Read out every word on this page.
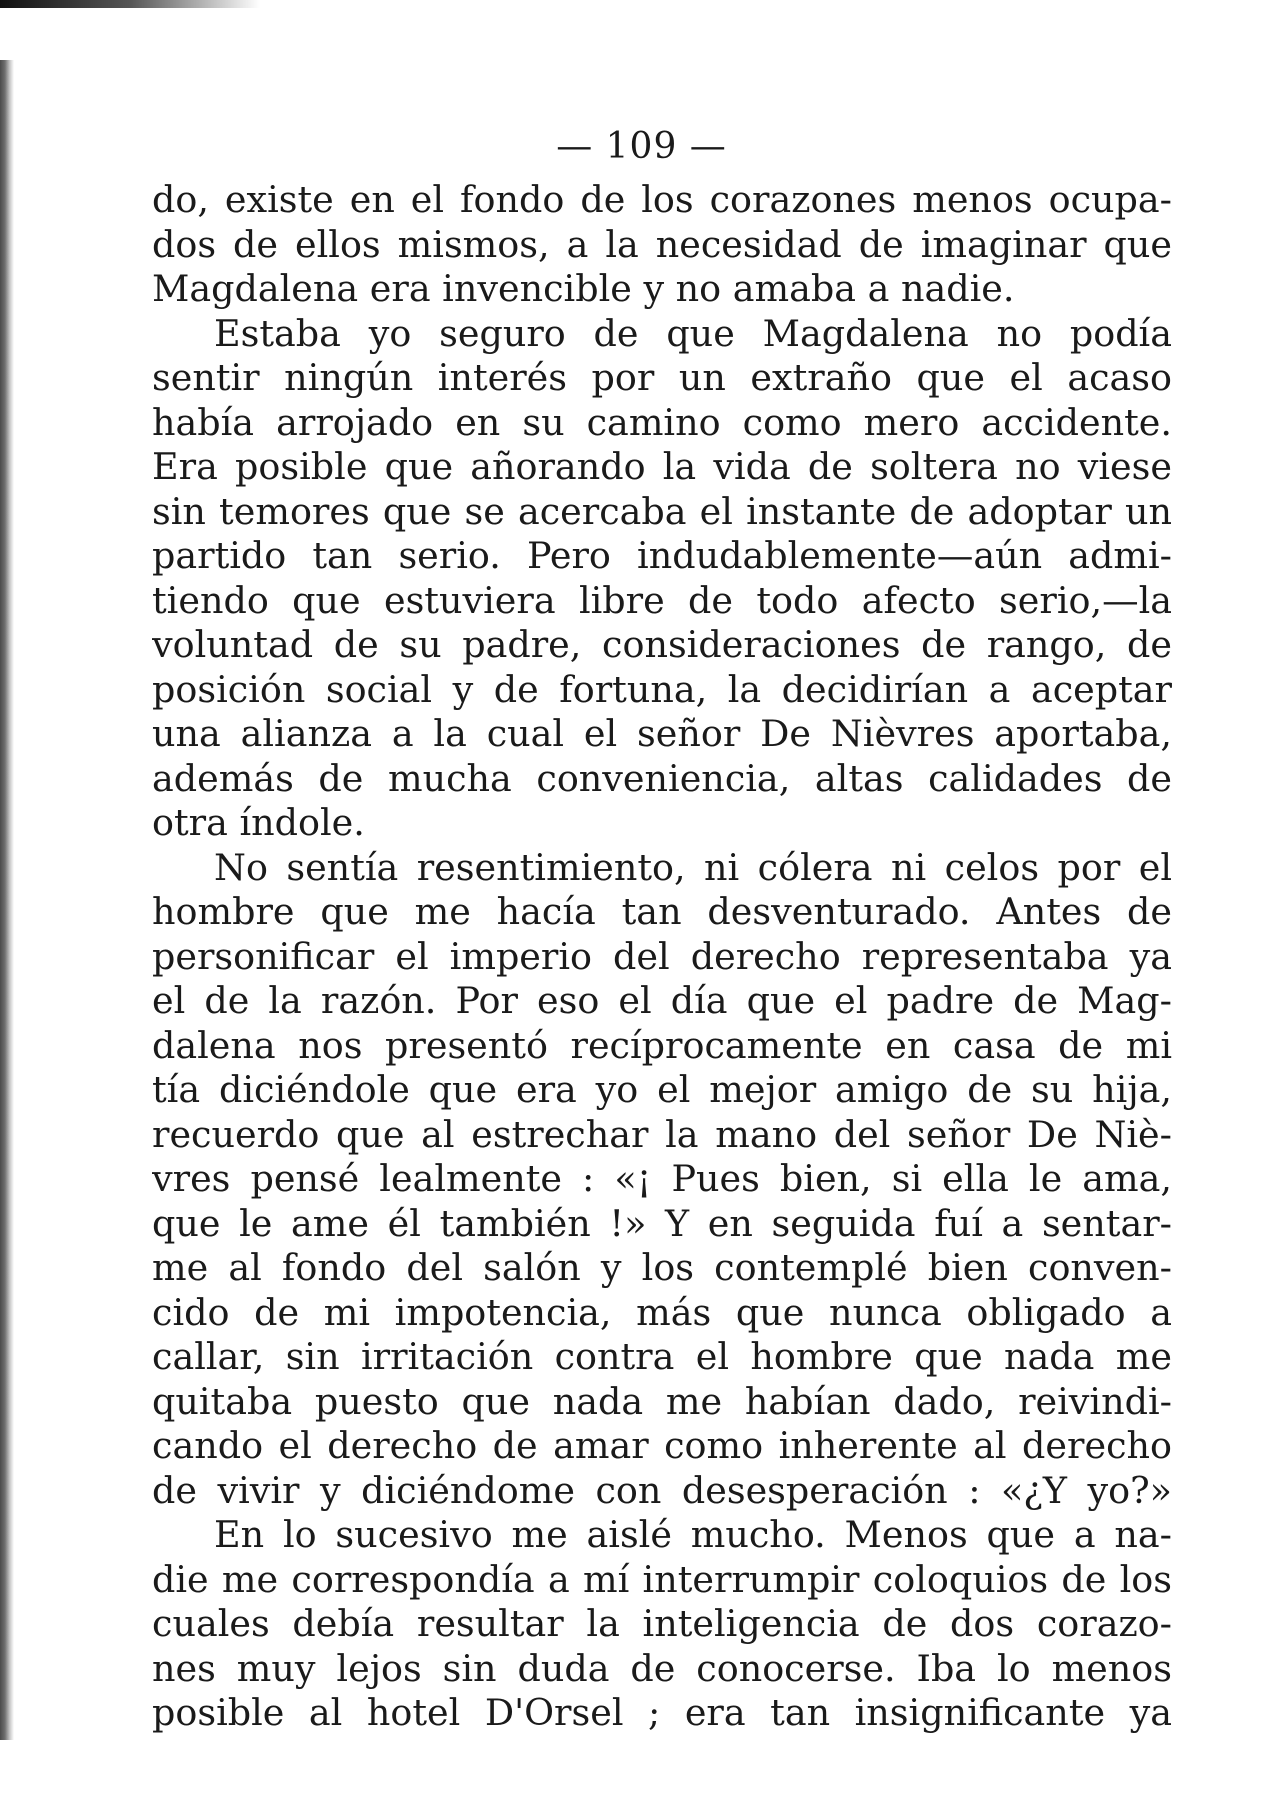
— 109 —
do, existe en el fondo de los corazones menos ocupa-
dos de ellos mismos, a la necesidad de imaginar que
Magdalena era invencible y no amaba a nadie.
Estaba yo seguro de que Magdalena no podía
sentir ningún interés por un extraño que el acaso
había arrojado en su camino como mero accidente.
Era posible que añorando la vida de soltera no viese
sin temores que se acercaba el instante de adoptar un
partido tan serio. Pero indudablemente—aún admi-
tiendo que estuviera libre de todo afecto serio,—la
voluntad de su padre, consideraciones de rango, de
posición social y de fortuna, la decidirían a aceptar
una alianza a la cual el señor De Nièvres aportaba,
además de mucha conveniencia, altas calidades de
otra índole.
No sentía resentimiento, ni cólera ni celos por el
hombre que me hacía tan desventurado. Antes de
personificar el imperio del derecho representaba ya
el de la razón. Por eso el día que el padre de Mag-
dalena nos presentó recíprocamente en casa de mi
tía diciéndole que era yo el mejor amigo de su hija,
recuerdo que al estrechar la mano del señor De Niè-
vres pensé lealmente : «¡ Pues bien, si ella le ama,
que le ame él también !» Y en seguida fuí a sentar-
me al fondo del salón y los contemplé bien conven-
cido de mi impotencia, más que nunca obligado a
callar, sin irritación contra el hombre que nada me
quitaba puesto que nada me habían dado, reivindi-
cando el derecho de amar como inherente al derecho
de vivir y diciéndome con desesperación : «¿Y yo?»
En lo sucesivo me aislé mucho. Menos que a na-
die me correspondía a mí interrumpir coloquios de los
cuales debía resultar la inteligencia de dos corazo-
nes muy lejos sin duda de conocerse. Iba lo menos
posible al hotel D'Orsel ; era tan insignificante ya
